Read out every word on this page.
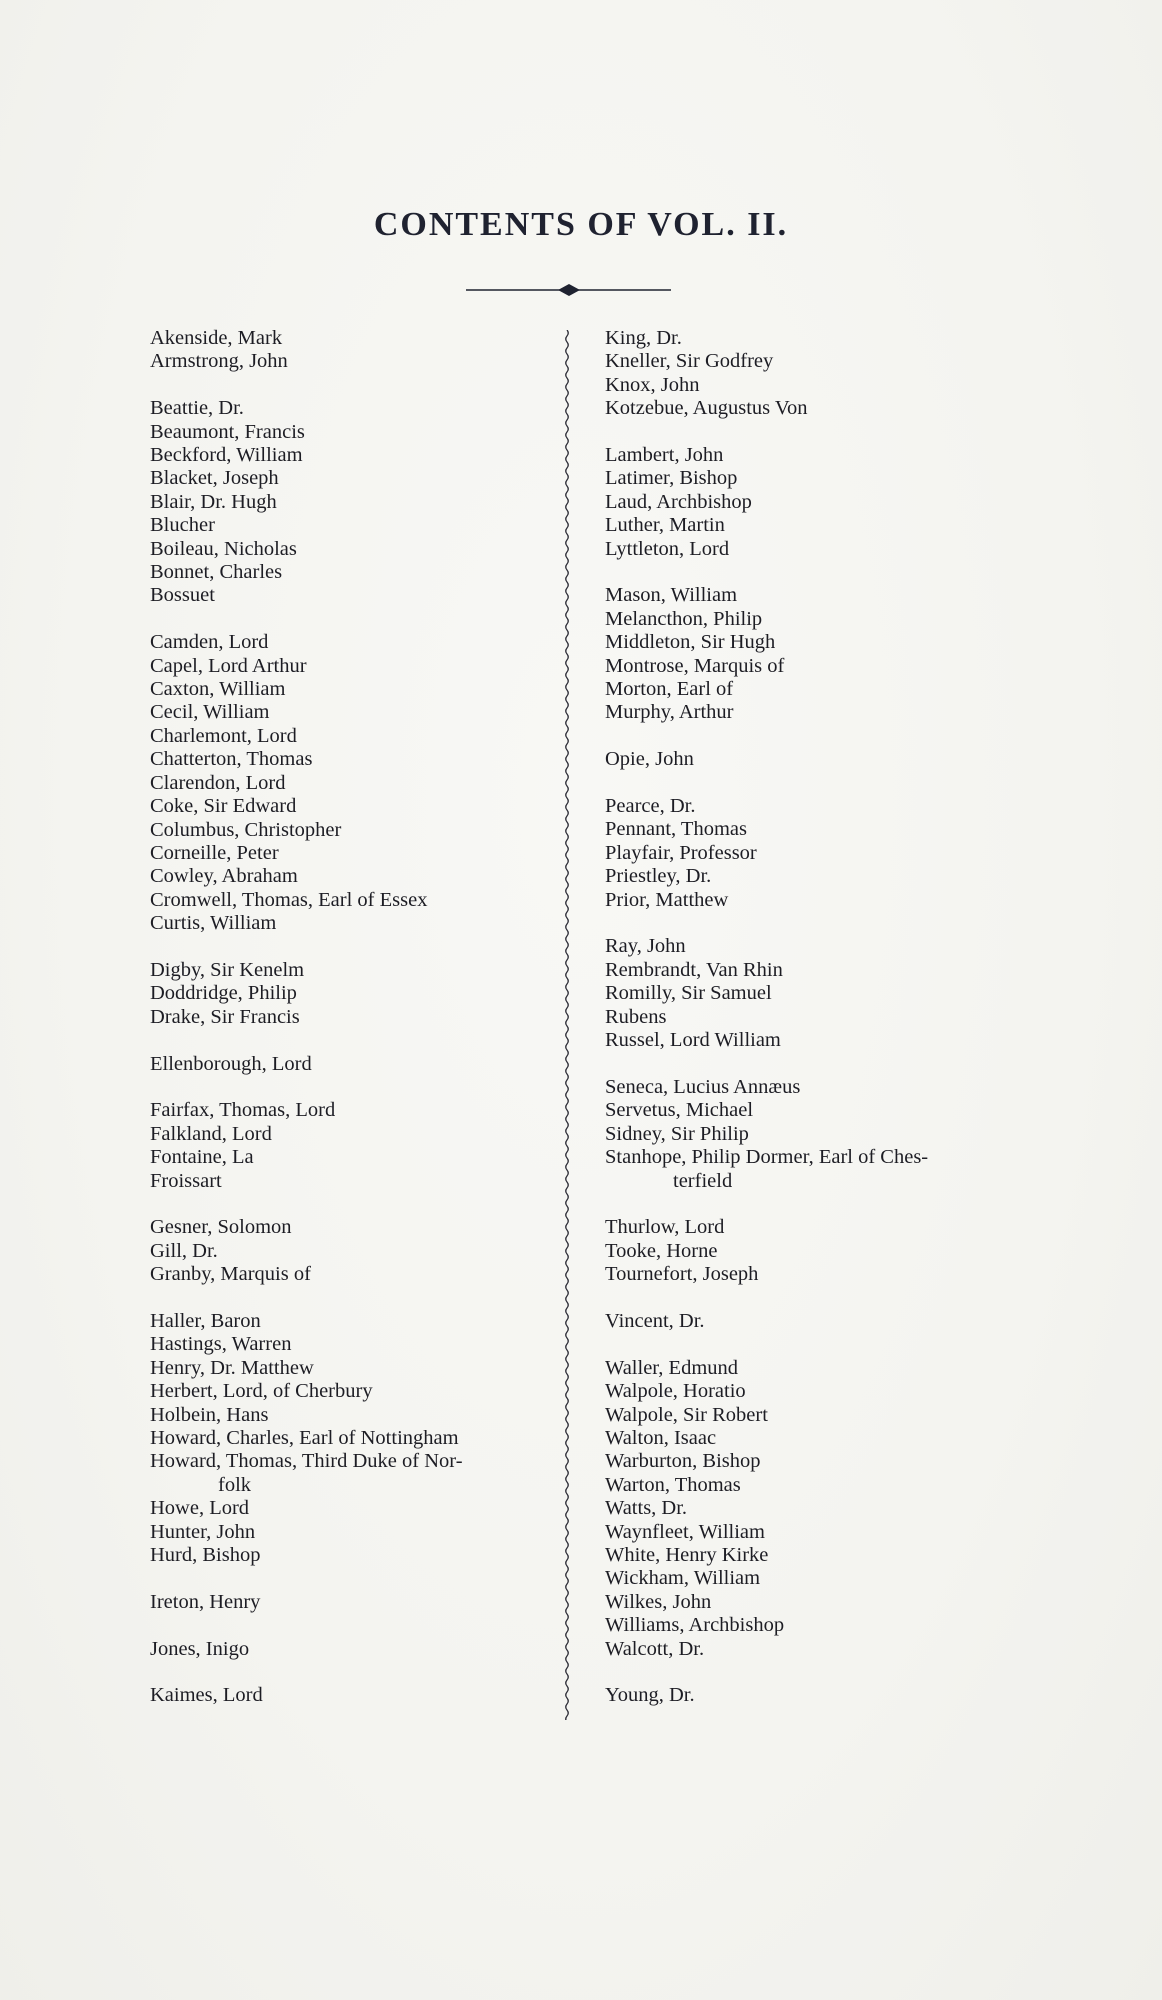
CONTENTS OF VOL. II.
Akenside, Mark
Armstrong, John
Beattie, Dr.
Beaumont, Francis
Beckford, William
Blacket, Joseph
Blair, Dr. Hugh
Blucher
Boileau, Nicholas
Bonnet, Charles
Bossuet
Camden, Lord
Capel, Lord Arthur
Caxton, William
Cecil, William
Charlemont, Lord
Chatterton, Thomas
Clarendon, Lord
Coke, Sir Edward
Columbus, Christopher
Corneille, Peter
Cowley, Abraham
Cromwell, Thomas, Earl of Essex
Curtis, William
Digby, Sir Kenelm
Doddridge, Philip
Drake, Sir Francis
Ellenborough, Lord
Fairfax, Thomas, Lord
Falkland, Lord
Fontaine, La
Froissart
Gesner, Solomon
Gill, Dr.
Granby, Marquis of
Haller, Baron
Hastings, Warren
Henry, Dr. Matthew
Herbert, Lord, of Cherbury
Holbein, Hans
Howard, Charles, Earl of Nottingham
Howard, Thomas, Third Duke of Nor-
folk
Howe, Lord
Hunter, John
Hurd, Bishop
Ireton, Henry
Jones, Inigo
Kaimes, Lord
King, Dr.
Kneller, Sir Godfrey
Knox, John
Kotzebue, Augustus Von
Lambert, John
Latimer, Bishop
Laud, Archbishop
Luther, Martin
Lyttleton, Lord
Mason, William
Melancthon, Philip
Middleton, Sir Hugh
Montrose, Marquis of
Morton, Earl of
Murphy, Arthur
Opie, John
Pearce, Dr.
Pennant, Thomas
Playfair, Professor
Priestley, Dr.
Prior, Matthew
Ray, John
Rembrandt, Van Rhin
Romilly, Sir Samuel
Rubens
Russel, Lord William
Seneca, Lucius Annæus
Servetus, Michael
Sidney, Sir Philip
Stanhope, Philip Dormer, Earl of Ches-
terfield
Thurlow, Lord
Tooke, Horne
Tournefort, Joseph
Vincent, Dr.
Waller, Edmund
Walpole, Horatio
Walpole, Sir Robert
Walton, Isaac
Warburton, Bishop
Warton, Thomas
Watts, Dr.
Waynfleet, William
White, Henry Kirke
Wickham, William
Wilkes, John
Williams, Archbishop
Walcott, Dr.
Young, Dr.
